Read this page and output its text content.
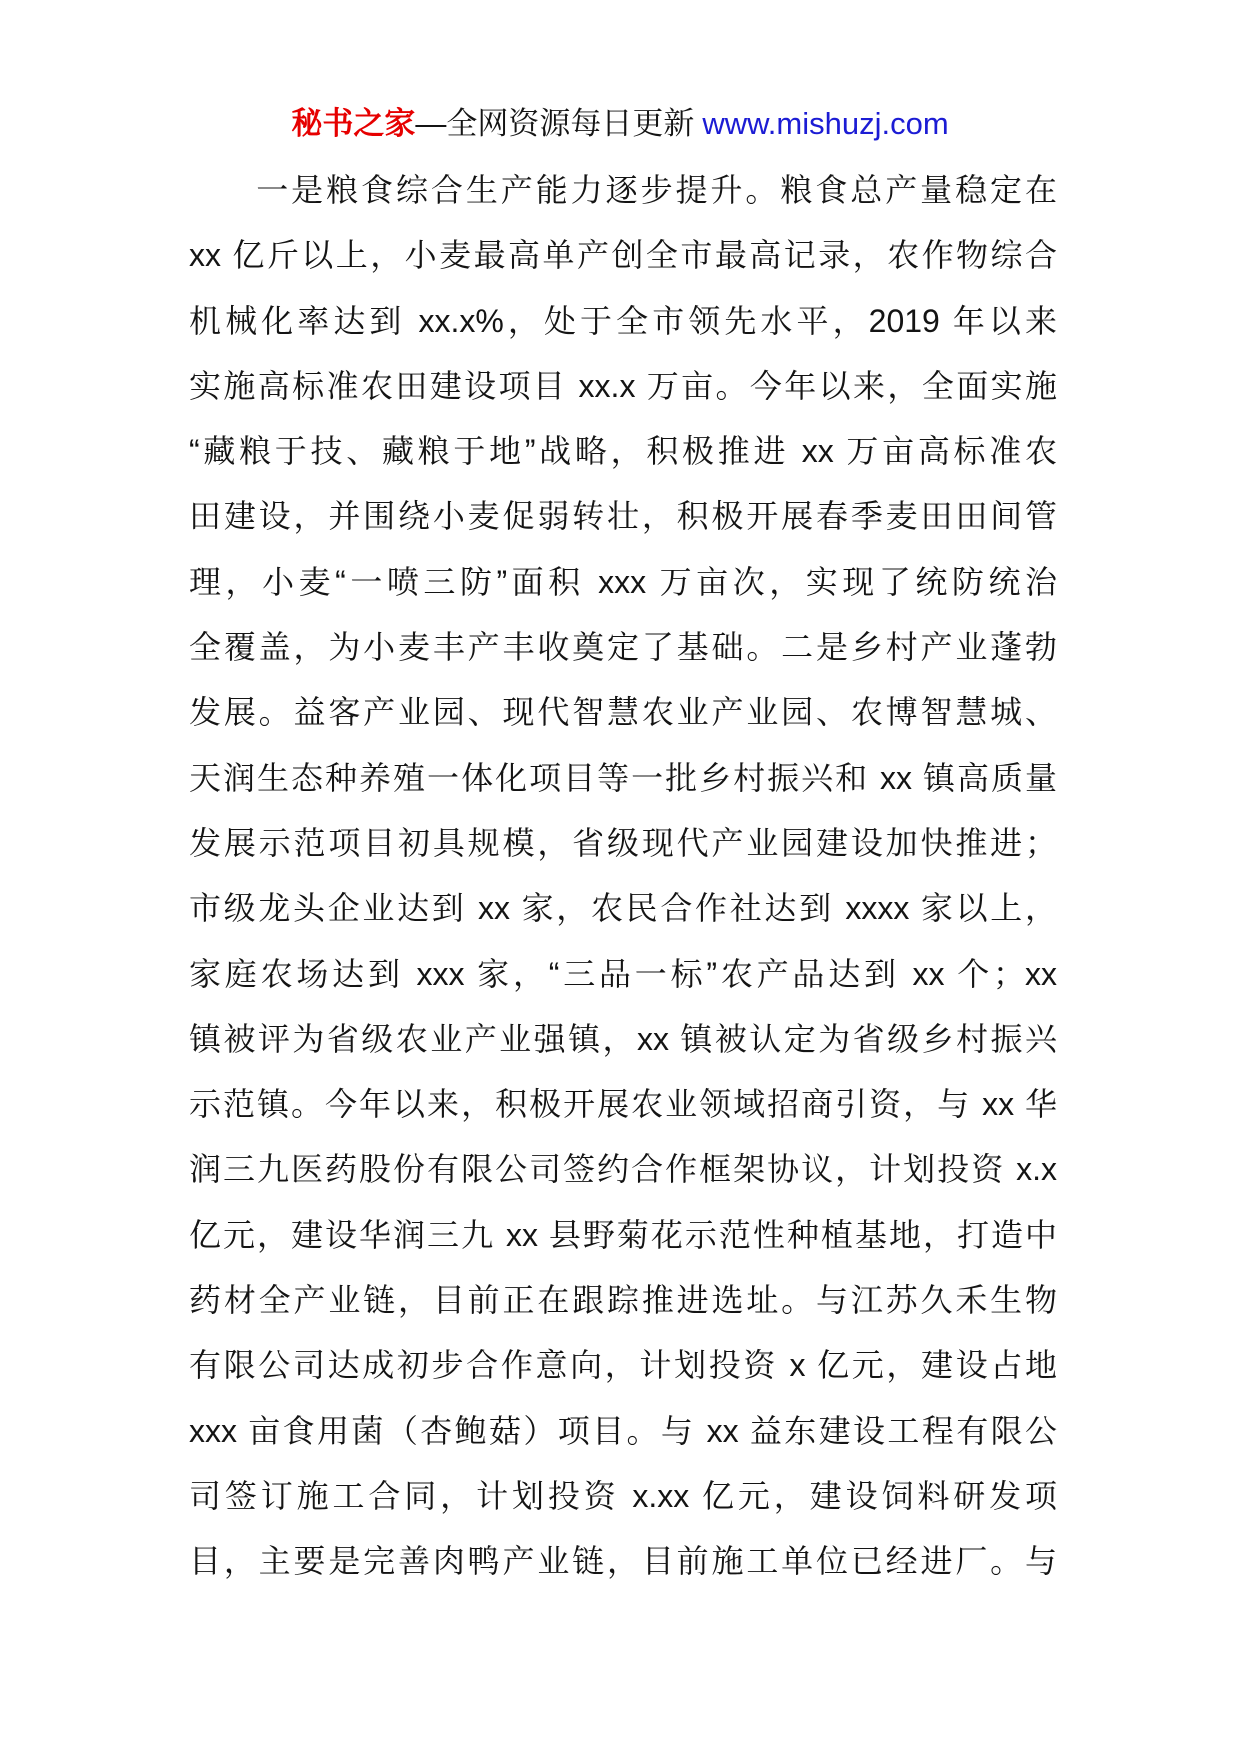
秘书之家—全网资源每日更新 www.mishuzj.com
一是粮食综合生产能力逐步提升。粮食总产量稳定在
xx 亿斤以上，小麦最高单产创全市最高记录，农作物综合
机械化率达到 xx.x%，处于全市领先水平，2019 年以来
实施高标准农田建设项目 xx.x 万亩。今年以来，全面实施
“藏粮于技、藏粮于地”战略，积极推进 xx 万亩高标准农
田建设，并围绕小麦促弱转壮，积极开展春季麦田田间管
理，小麦“一喷三防”面积 xxx 万亩次，实现了统防统治
全覆盖，为小麦丰产丰收奠定了基础。二是乡村产业蓬勃
发展。益客产业园、现代智慧农业产业园、农博智慧城、
天润生态种养殖一体化项目等一批乡村振兴和 xx 镇高质量
发展示范项目初具规模，省级现代产业园建设加快推进；
市级龙头企业达到 xx 家，农民合作社达到 xxxx 家以上，
家庭农场达到 xxx 家，“三品一标”农产品达到 xx 个；xx
镇被评为省级农业产业强镇，xx 镇被认定为省级乡村振兴
示范镇。今年以来，积极开展农业领域招商引资，与 xx 华
润三九医药股份有限公司签约合作框架协议，计划投资 x.x
亿元，建设华润三九 xx 县野菊花示范性种植基地，打造中
药材全产业链，目前正在跟踪推进选址。与江苏久禾生物
有限公司达成初步合作意向，计划投资 x 亿元，建设占地
xxx 亩食用菌（杏鲍菇）项目。与 xx 益东建设工程有限公
司签订施工合同，计划投资 x.xx 亿元，建设饲料研发项
目，主要是完善肉鸭产业链，目前施工单位已经进厂。与
